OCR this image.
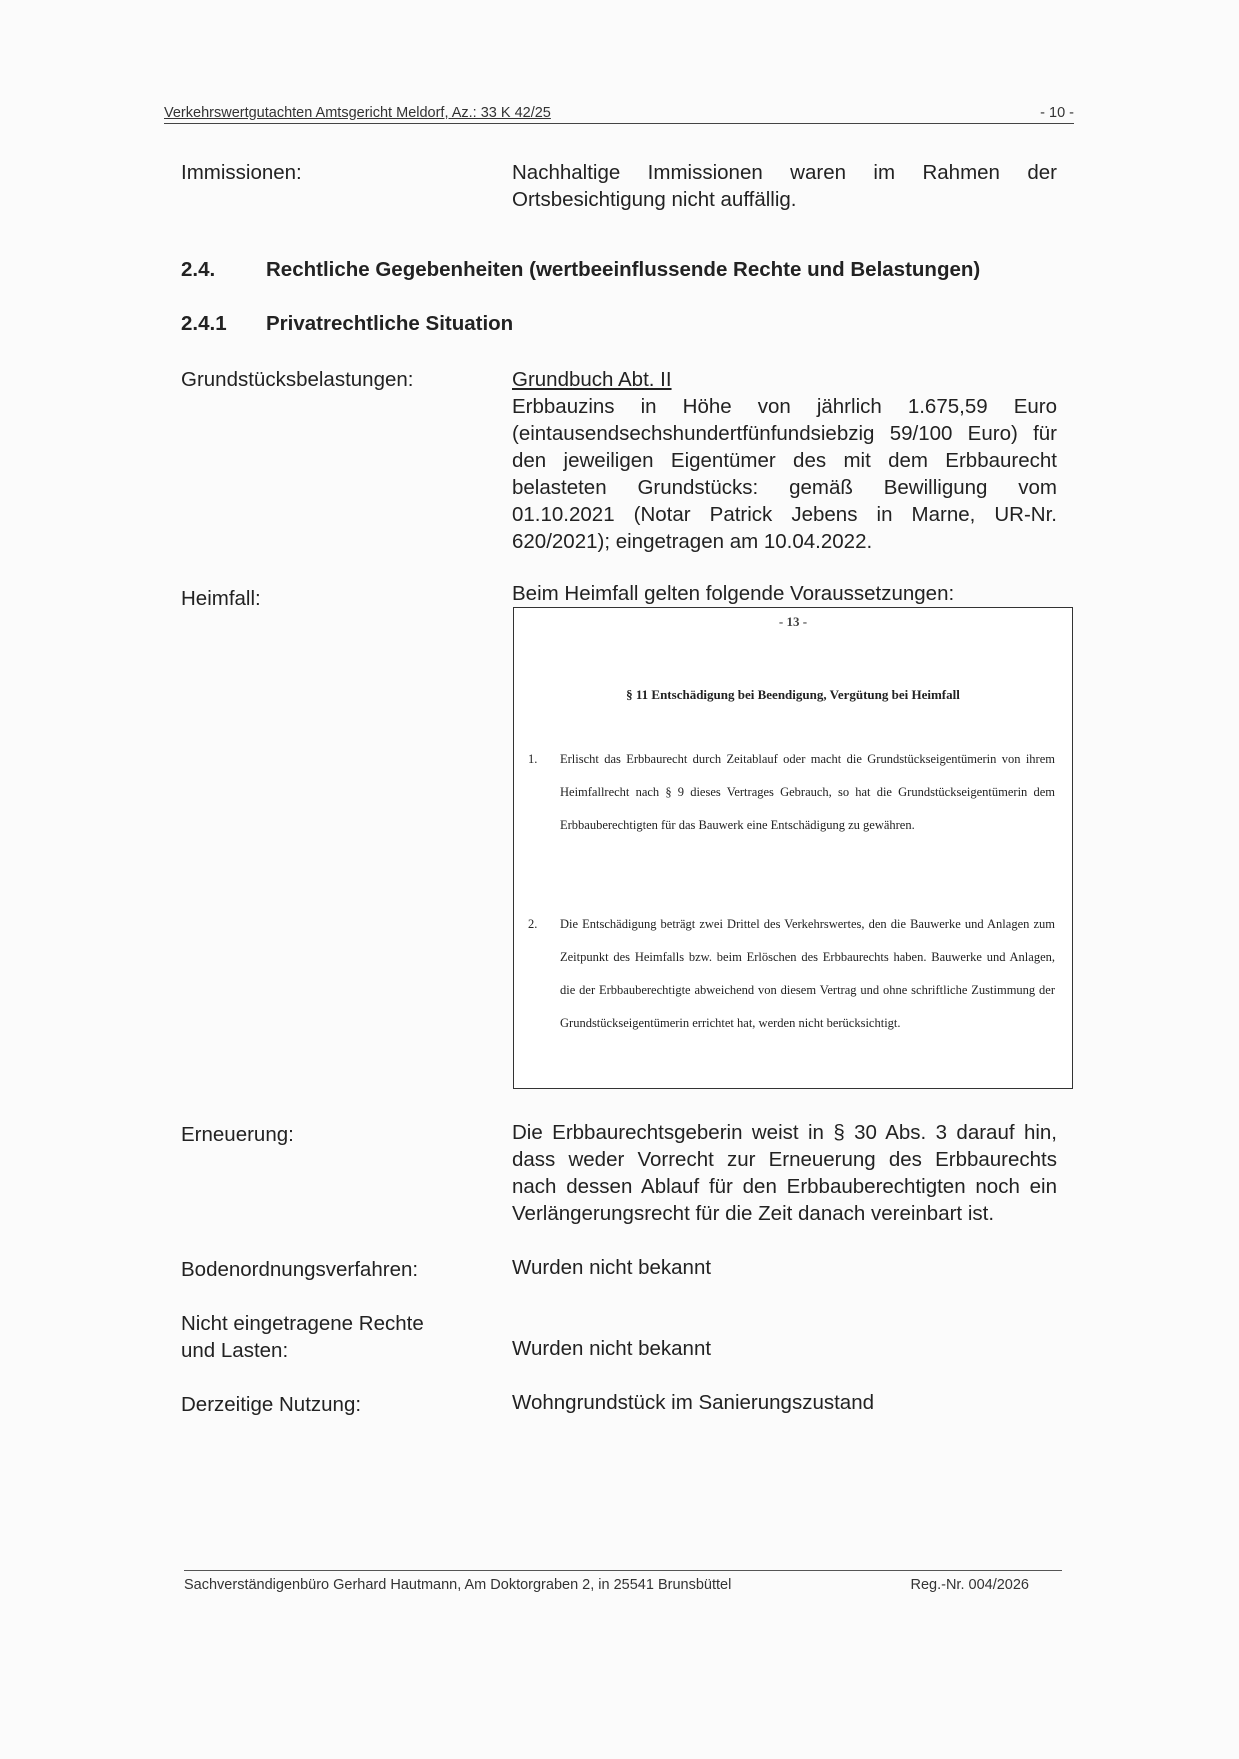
Verkehrswertgutachten Amtsgericht Meldorf, Az.: 33 K 42/25	- 10 -
Immissionen:	Nachhaltige Immissionen waren im Rahmen der Ortsbesichtigung nicht auffällig.
2.4. Rechtliche Gegebenheiten (wertbeeinflussende Rechte und Belastungen)
2.4.1 Privatrechtliche Situation
Grundstücksbelastungen:	Grundbuch Abt. II
Erbbauzins in Höhe von jährlich 1.675,59 Euro (eintausendsechshundertfünfundsiebzig 59/100 Euro) für den jeweiligen Eigentümer des mit dem Erbbaurecht belasteten Grundstücks: gemäß Bewilligung vom 01.10.2021 (Notar Patrick Jebens in Marne, UR-Nr. 620/2021); eingetragen am 10.04.2022.
Heimfall:	Beim Heimfall gelten folgende Voraussetzungen:
- 13 -
§ 11 Entschädigung bei Beendigung, Vergütung bei Heimfall
1. Erlischt das Erbbaurecht durch Zeitablauf oder macht die Grundstückseigentümerin von ihrem Heimfallrecht nach § 9 dieses Vertrages Gebrauch, so hat die Grundstückseigentümerin dem Erbbauberechtigten für das Bauwerk eine Entschädigung zu gewähren.
2. Die Entschädigung beträgt zwei Drittel des Verkehrswertes, den die Bauwerke und Anlagen zum Zeitpunkt des Heimfalls bzw. beim Erlöschen des Erbbaurechts haben. Bauwerke und Anlagen, die der Erbbauberechtigte abweichend von diesem Vertrag und ohne schriftliche Zustimmung der Grundstückseigentümerin errichtet hat, werden nicht berücksichtigt.
Erneuerung:	Die Erbbaurechtsgeberin weist in § 30 Abs. 3 darauf hin, dass weder Vorrecht zur Erneuerung des Erbbaurechts nach dessen Ablauf für den Erbbauberechtigten noch ein Verlängerungsrecht für die Zeit danach vereinbart ist.
Bodenordnungsverfahren:	Wurden nicht bekannt
Nicht eingetragene Rechte
und Lasten:	Wurden nicht bekannt
Derzeitige Nutzung:	Wohngrundstück im Sanierungszustand
Sachverständigenbüro Gerhard Hautmann, Am Doktorgraben 2, in 25541 Brunsbüttel	Reg.-Nr. 004/2026
